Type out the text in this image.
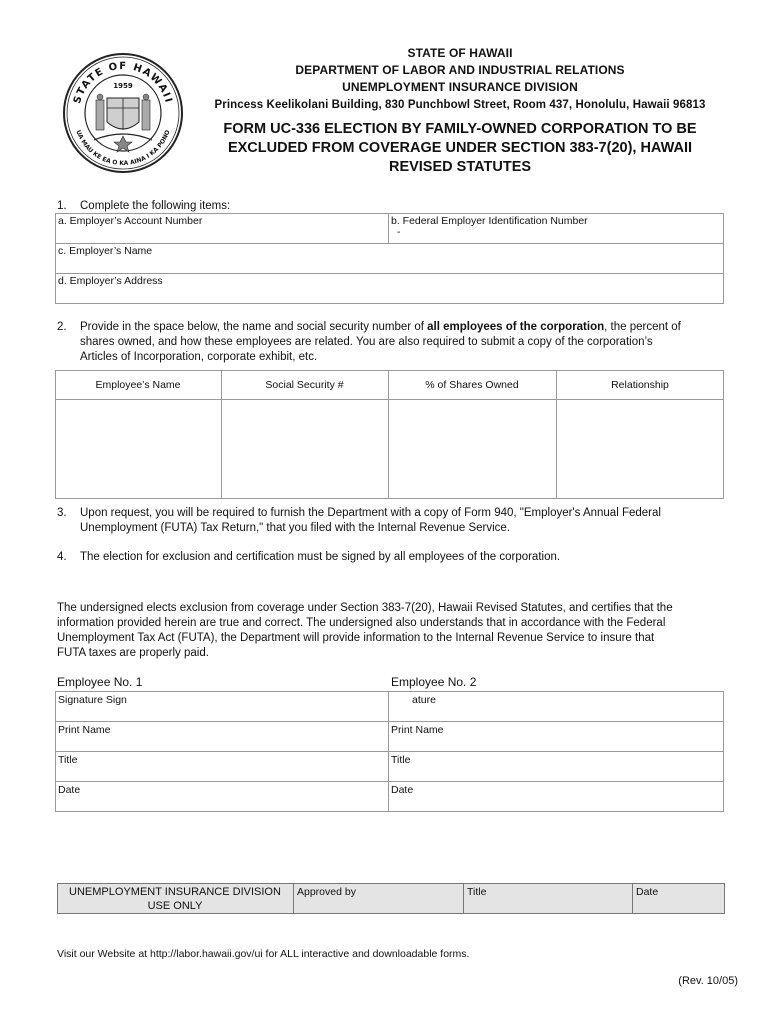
STATE OF HAWAII
UA MAU KE EA O KA AINA I KA PONO
1959
STATE OF HAWAII
DEPARTMENT OF LABOR AND INDUSTRIAL RELATIONS
UNEMPLOYMENT INSURANCE DIVISION
Princess Keelikolani Building, 830 Punchbowl Street, Room 437, Honolulu, Hawaii 96813
FORM UC-336 ELECTION BY FAMILY-OWNED CORPORATION TO BE
EXCLUDED FROM COVERAGE UNDER SECTION 383-7(20), HAWAII
REVISED STATUTES
1. Complete the following items:
a. Employer’s Account Number	b. Federal Employer Identification Number
-
c. Employer’s Name
d. Employer’s Address
2. Provide in the space below, the name and social security number of all employees of the corporation, the percent of
shares owned, and how these employees are related. You are also required to submit a copy of the corporation’s
Articles of Incorporation, corporate exhibit, etc.
Employee’s Name	Social Security #	% of Shares Owned	Relationship
3. Upon request, you will be required to furnish the Department with a copy of Form 940, "Employer's Annual Federal
Unemployment (FUTA) Tax Return," that you filed with the Internal Revenue Service.
4. The election for exclusion and certification must be signed by all employees of the corporation.
The undersigned elects exclusion from coverage under Section 383-7(20), Hawaii Revised Statutes, and certifies that the
information provided herein are true and correct. The undersigned also understands that in accordance with the Federal
Unemployment Tax Act (FUTA), the Department will provide information to the Internal Revenue Service to insure that
FUTA taxes are properly paid.
Employee No. 1	Employee No. 2
Signature Sign	ature
Print Name	Print Name
Title	Title
Date	Date
UNEMPLOYMENT INSURANCE DIVISION
USE ONLY
Approved by	Title	Date
Visit our Website at http://labor.hawaii.gov/ui for ALL interactive and downloadable forms.
(Rev. 10/05)
